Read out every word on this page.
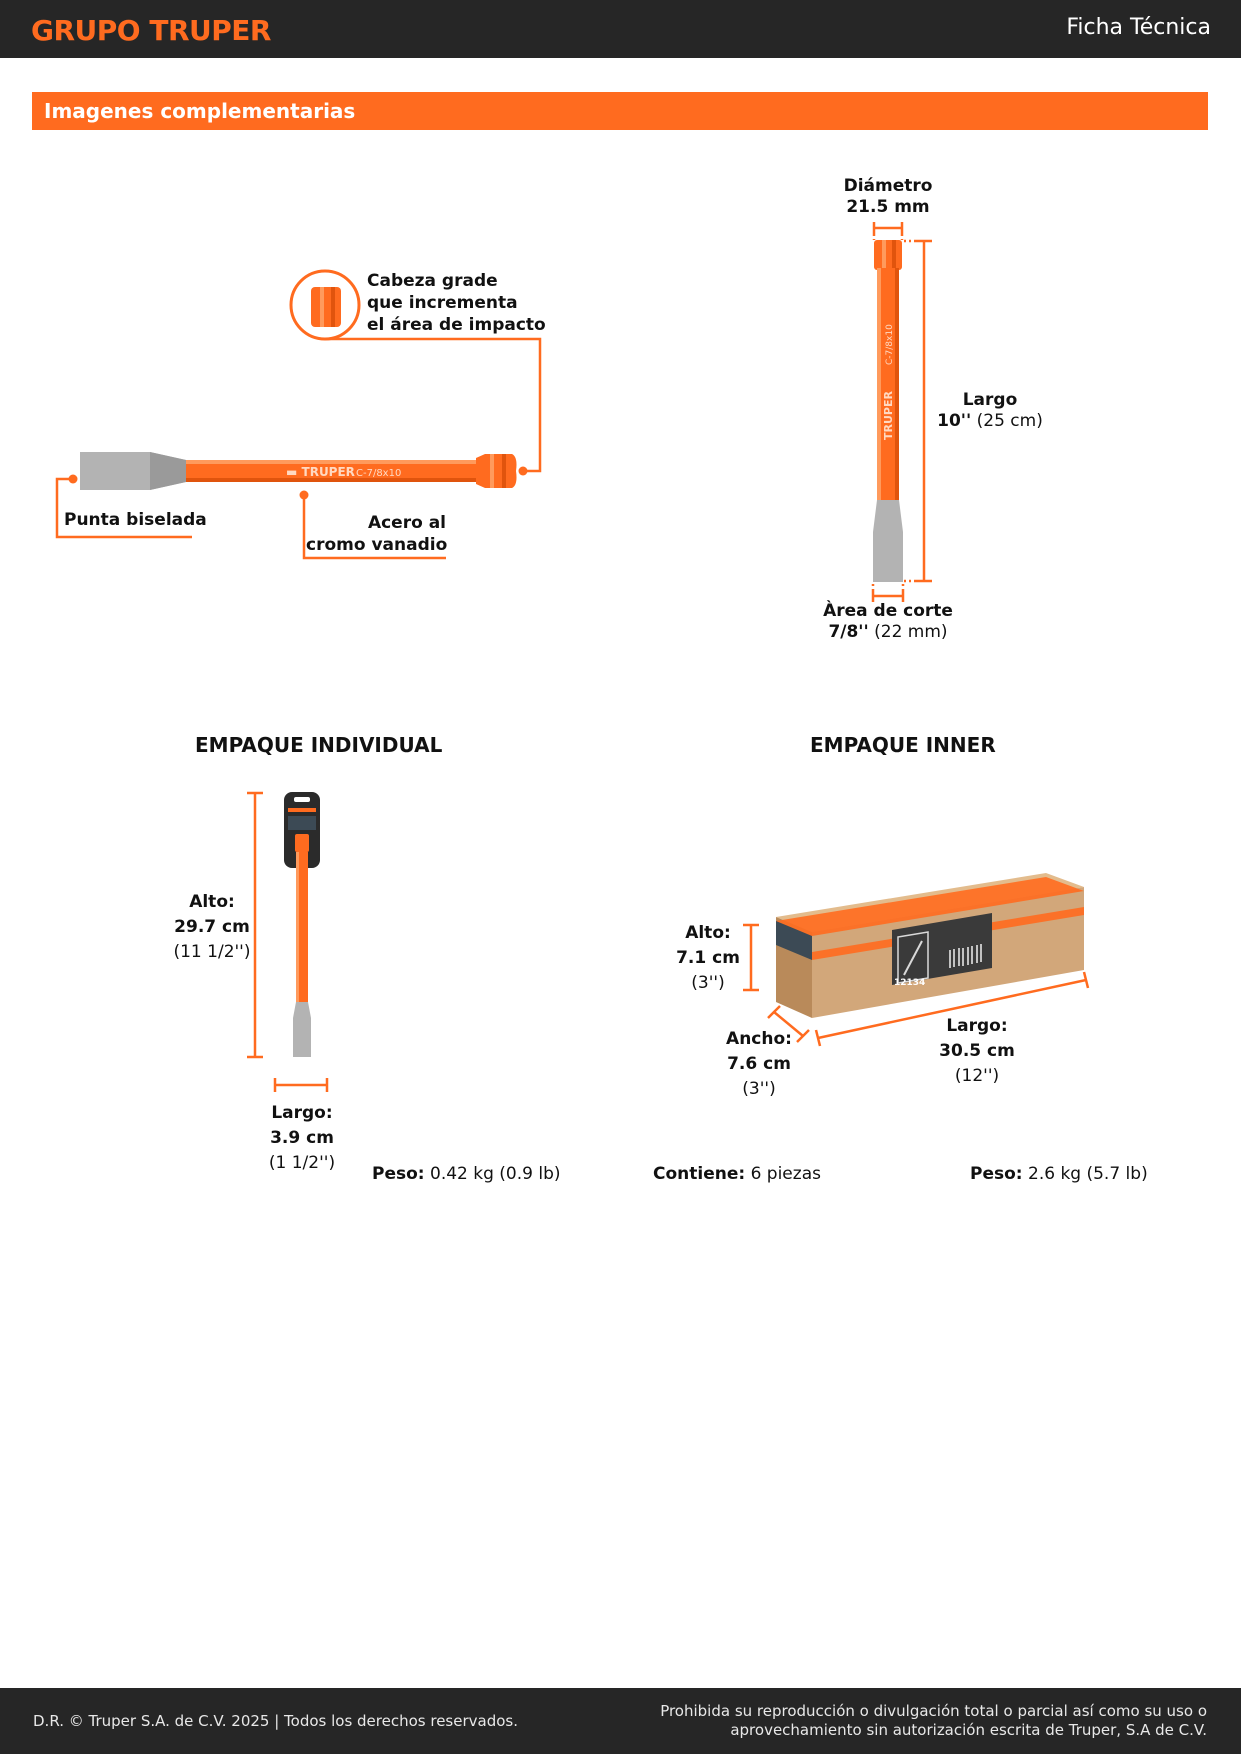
GRUPO TRUPER	Ficha Técnica
Imagenes complementarias
▬ TRUPER C-7/8x10
TRUPER
C-7/8x10
12134
Cabeza grade
que incrementa
el área de impacto
Punta biselada	Acero al
cromo vanadio
Diámetro
21.5 mm
Largo
10'' (25 cm)
Àrea de corte
7/8'' (22 mm)
EMPAQUE INDIVIDUAL
Alto:
29.7 cm
(11 1/2'')
Largo:
3.9 cm
(1 1/2'')
Peso: 0.42 kg (0.9 lb)
EMPAQUE INNER
Alto:
7.1 cm
(3'')
Ancho:
7.6 cm
(3'')
Largo:
30.5 cm
(12'')
Contiene: 6 piezas	Peso: 2.6 kg (5.7 lb)
D.R. © Truper S.A. de C.V. 2025 | Todos los derechos reservados.
Prohibida su reproducción o divulgación total o parcial así como su uso o
aprovechamiento sin autorización escrita de Truper, S.A de C.V.
